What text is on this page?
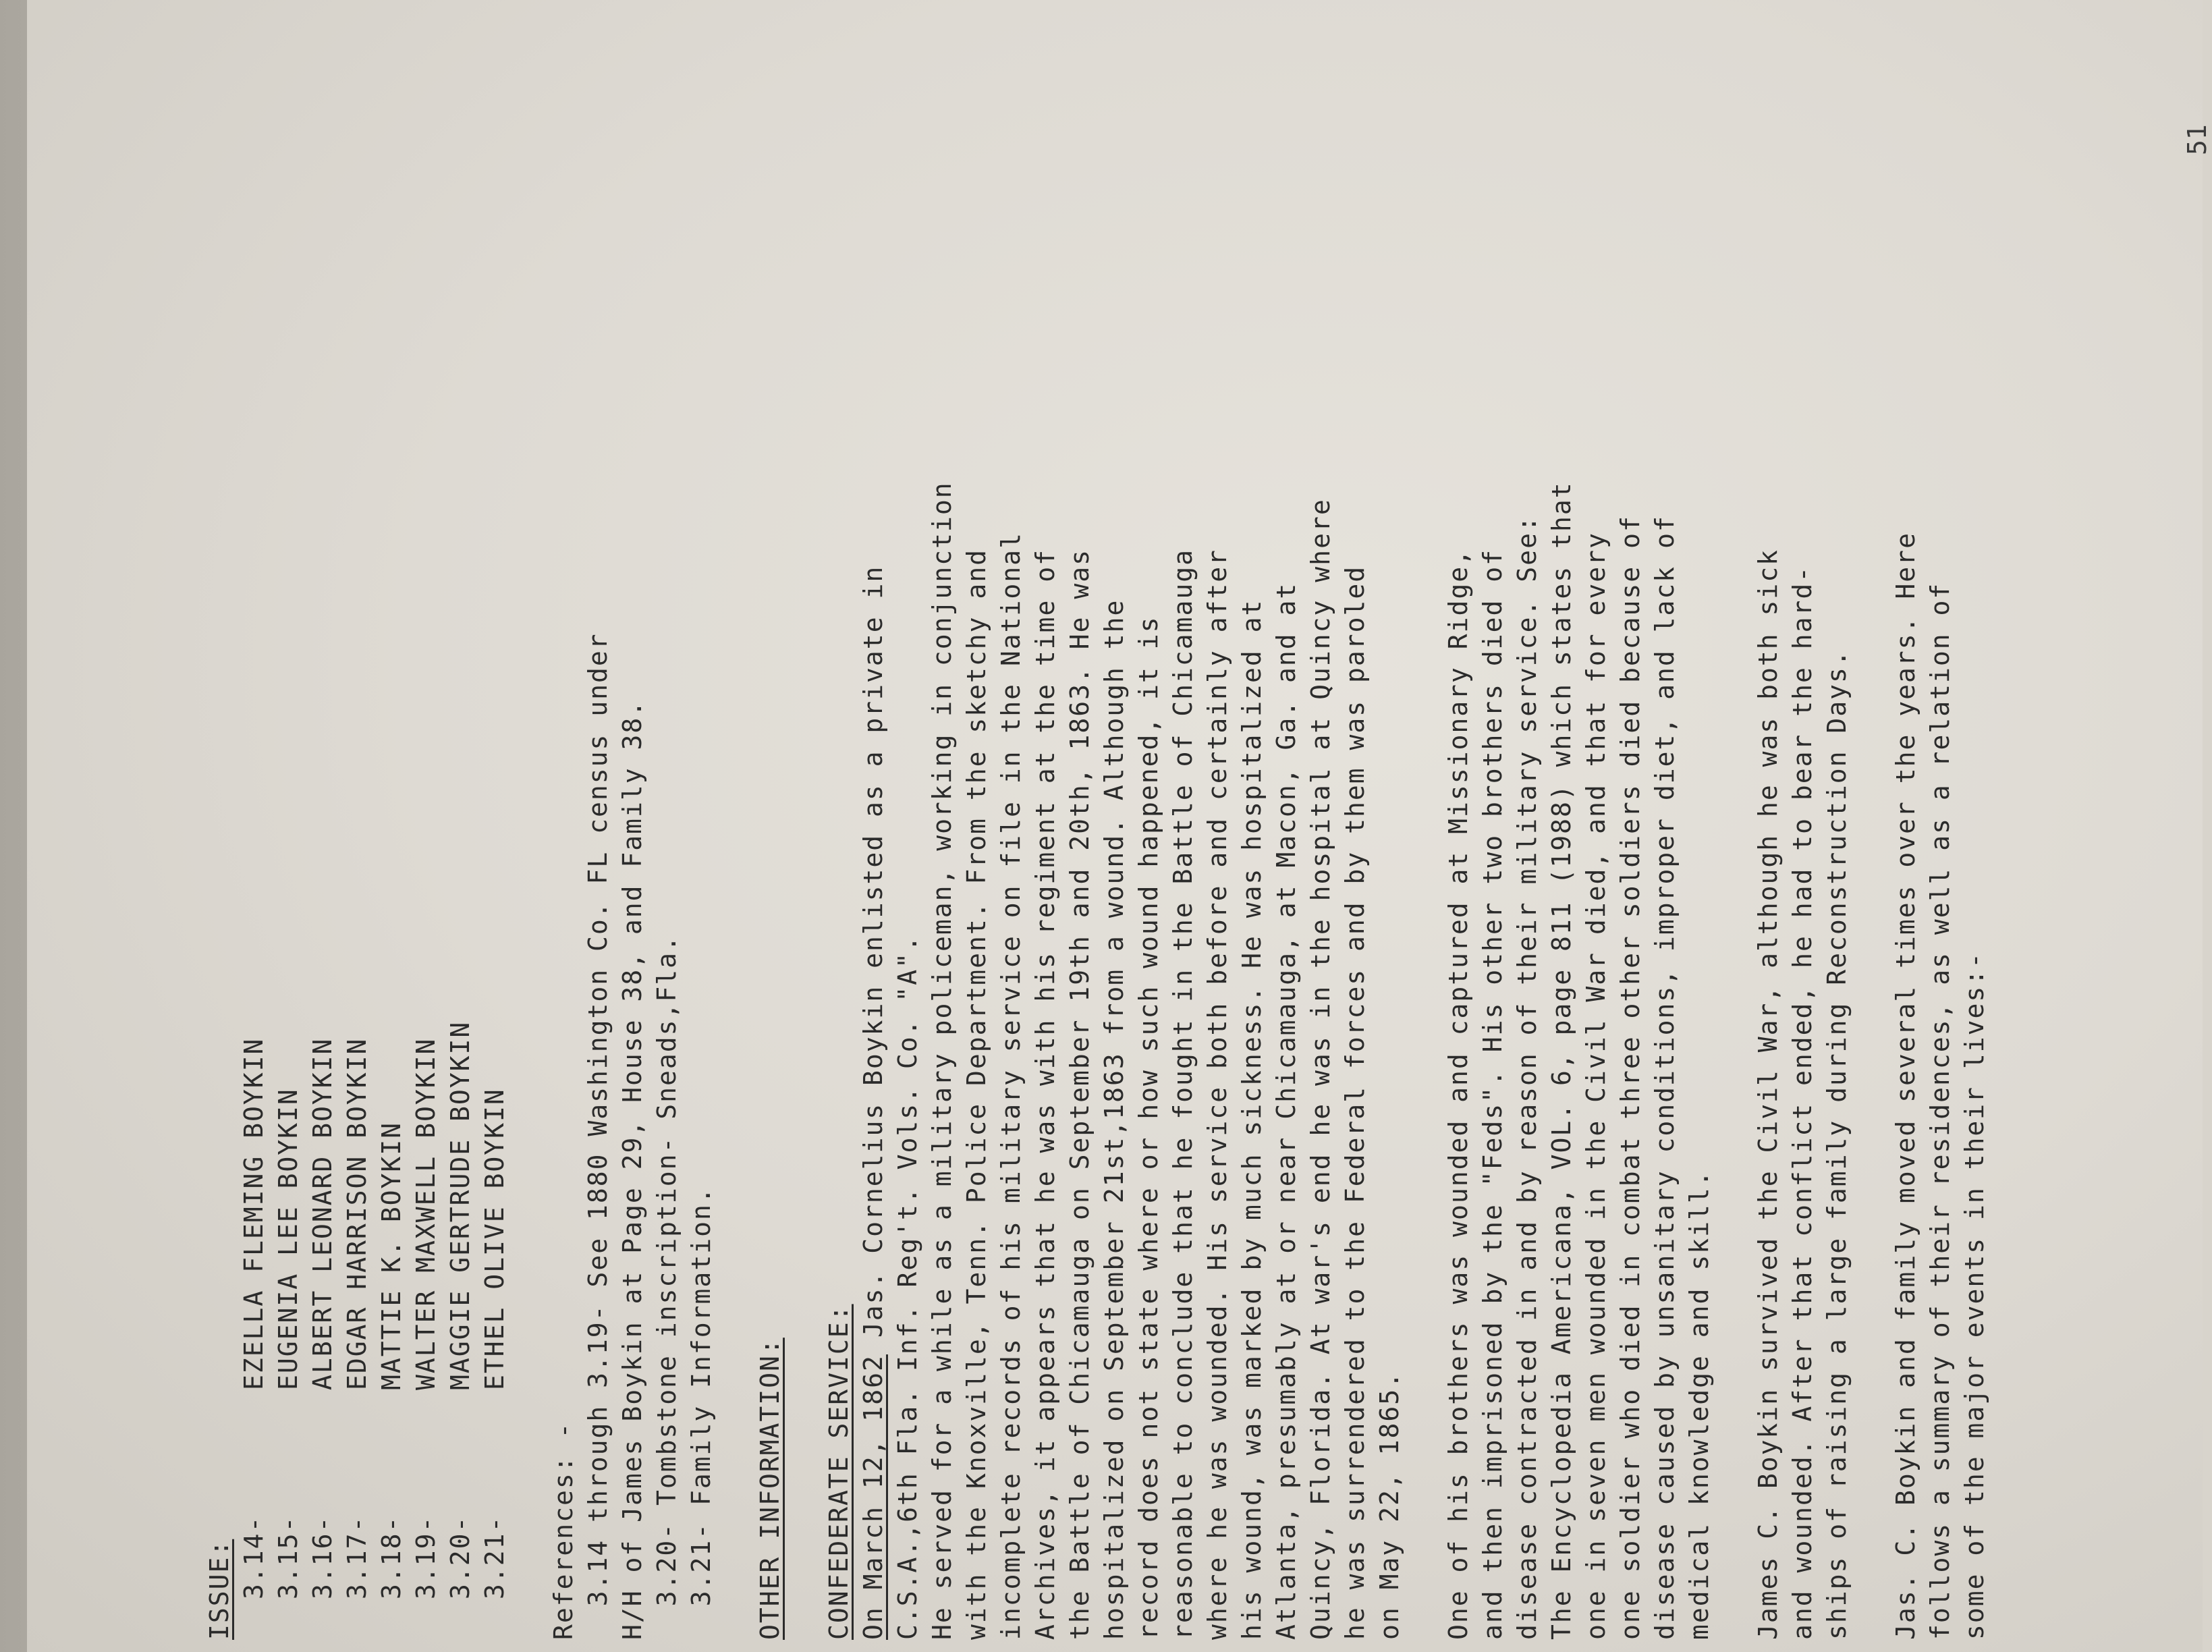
51
ISSUE: 3.14-
EZELLA FLEMING BOYKIN
3.15-
EUGENIA LEE BOYKIN
3.16-
ALBERT LEONARD BOYKIN
3.17-
EDGAR HARRISON BOYKIN
3.18-
MATTIE K. BOYKIN
3.19-
WALTER MAXWELL BOYKIN
3.20-
MAGGIE GERTRUDE BOYKIN
3.21-
ETHEL OLIVE BOYKIN
References: - 3.14 through 3.19- See 1880 Washington Co. FL census under H/H of James Boykin at Page 29, House 38, and Family 38. 3.20- Tombstone inscription- Sneads,Fla. 3.21- Family Information. OTHER INFORMATION: CONFEDERATE SERVICE: On March 12, 1862 Jas. Cornelius Boykin enlisted as a private in C.S.A.,6th Fla. Inf. Reg't. Vols. Co. "A". He served for a while as a military policeman, working in conjunction with the Knoxville, Tenn. Police Department. From the sketchy and incomplete records of his military service on file in the National Archives, it appears that he was with his regiment at the time of the Battle of Chicamauga on September 19th and 20th, 1863. He was hospitalized on September 21st,1863 from a wound. Although the record does not state where or how such wound happened, it is reasonable to conclude that he fought in the Battle of Chicamauga where he was wounded. His service both before and certainly after his wound, was marked by much sickness. He was hospitalized at Atlanta, presumably at or near Chicamauga, at Macon, Ga. and at Quincy, Florida. At war's end he was in the hospital at Quincy where he was surrendered to the Federal forces and by them was paroled on May 22, 1865. One of his brothers was wounded and captured at Missionary Ridge, and then imprisoned by the "Feds". His other two brothers died of disease contracted in and by reason of their military service. See: The Encyclopedia Americana, VOL. 6, page 811 (1988) which states that one in seven men wounded in the Civil War died, and that for every one soldier who died in combat three other soldiers died because of disease caused by unsanitary conditions, improper diet, and lack of medical knowledge and skill. James C. Boykin survived the Civil War, although he was both sick and wounded. After that conflict ended, he had to bear the hard- ships of raising a large family during Reconstruction Days. Jas. C. Boykin and family moved several times over the years. Here follows a summary of their residences, as well as a relation of some of the major events in their lives:-
